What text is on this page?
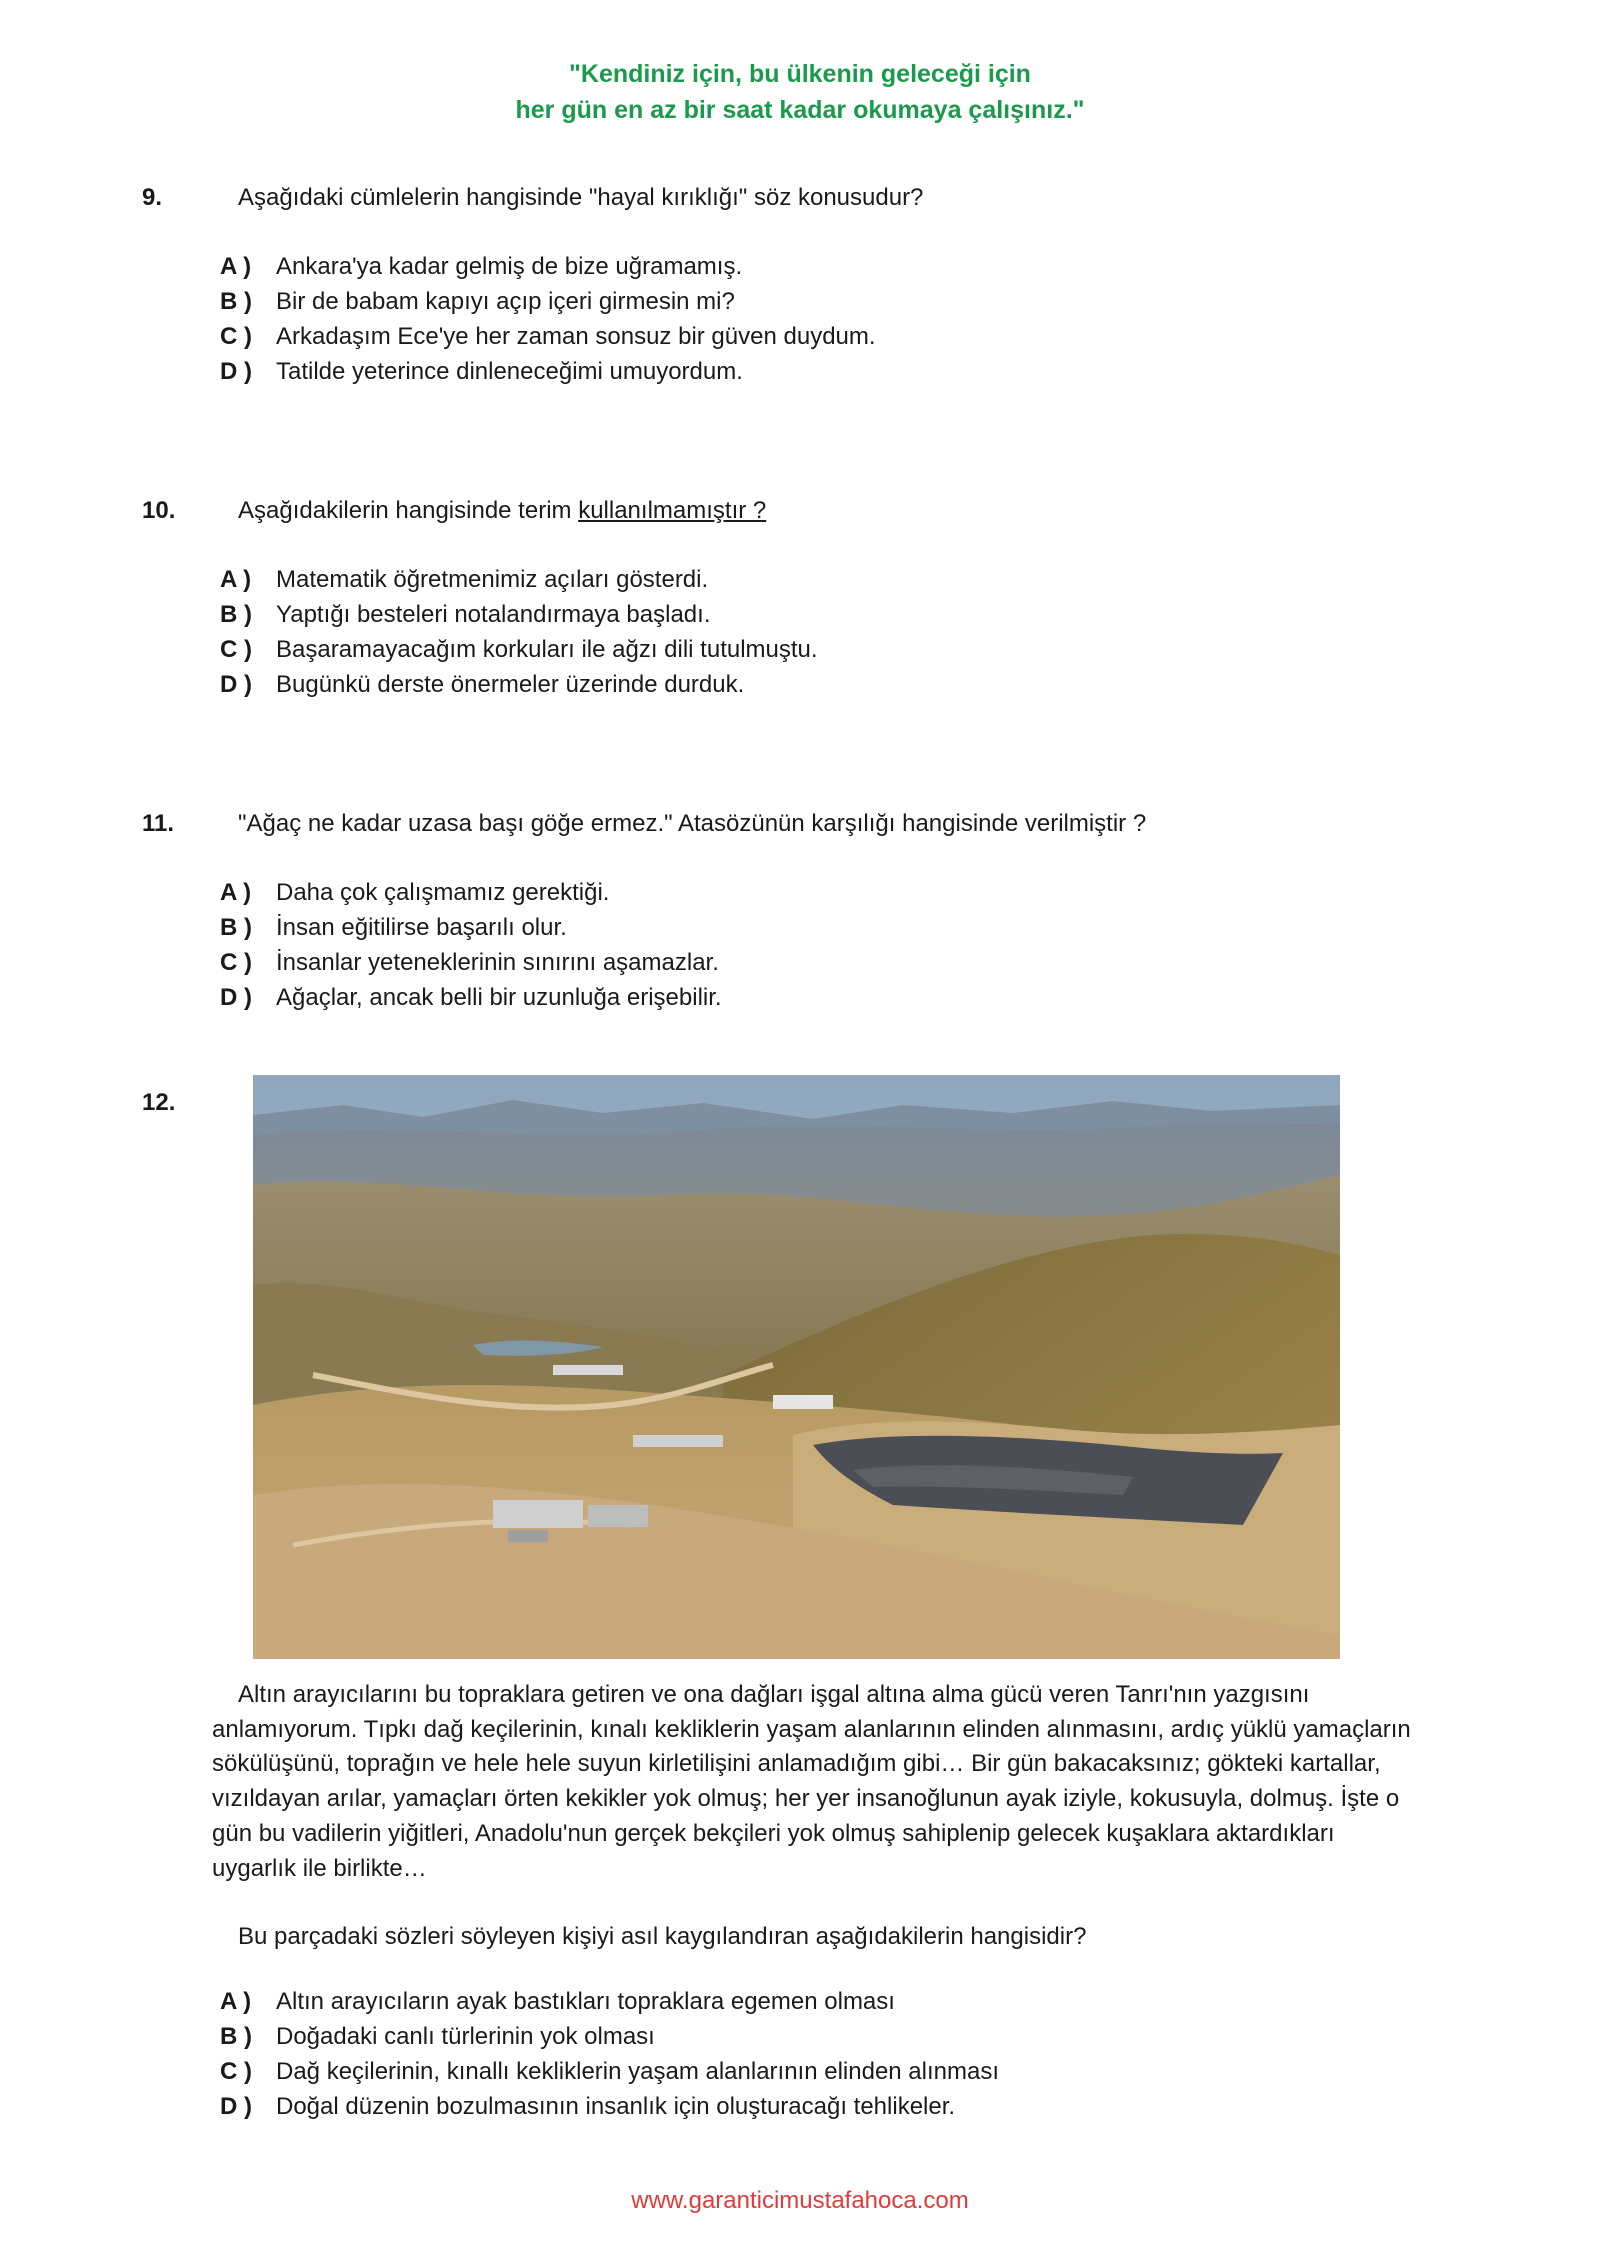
"Kendiniz için, bu ülkenin geleceği için
her gün en az bir saat kadar okumaya çalışınız."
9.	Aşağıdaki cümlelerin hangisinde "hayal kırıklığı" söz konusudur?
A )	Ankara'ya kadar gelmiş de bize uğramamış.
B )	Bir de babam kapıyı açıp içeri girmesin mi?
C )	Arkadaşım Ece'ye her zaman sonsuz bir güven duydum.
D )	Tatilde yeterince dinleneceğimi umuyordum.
10.	Aşağıdakilerin hangisinde terim kullanılmamıştır ?
A )	Matematik öğretmenimiz açıları gösterdi.
B )	Yaptığı besteleri notalandırmaya başladı.
C )	Başaramayacağım korkuları ile ağzı dili tutulmuştu.
D )	Bugünkü derste önermeler üzerinde durduk.
11.	"Ağaç ne kadar uzasa başı göğe ermez." Atasözünün karşılığı hangisinde verilmiştir ?
A )	Daha çok çalışmamız gerektiği.
B )	İnsan eğitilirse başarılı olur.
C )	İnsanlar yeteneklerinin sınırını aşamazlar.
D )	Ağaçlar, ancak belli bir uzunluğa erişebilir.
12.
Altın arayıcılarını bu topraklara getiren ve ona dağları işgal altına alma gücü veren Tanrı'nın yazgısını anlamıyorum. Tıpkı dağ keçilerinin, kınalı kekliklerin yaşam alanlarının elinden alınmasını, ardıç yüklü yamaçların sökülüşünü, toprağın ve hele hele suyun kirletilişini anlamadığım gibi… Bir gün bakacaksınız; gökteki kartallar, vızıldayan arılar, yamaçları örten kekikler yok olmuş; her yer insanoğlunun ayak iziyle, kokusuyla, dolmuş. İşte o gün bu vadilerin yiğitleri, Anadolu'nun gerçek bekçileri yok olmuş sahiplenip gelecek kuşaklara aktardıkları uygarlık ile birlikte…
Bu parçadaki sözleri söyleyen kişiyi asıl kaygılandıran aşağıdakilerin hangisidir?
A )	Altın arayıcıların ayak bastıkları topraklara egemen olması
B )	Doğadaki canlı türlerinin yok olması
C )	Dağ keçilerinin, kınallı kekliklerin yaşam alanlarının elinden alınması
D )	Doğal düzenin bozulmasının insanlık için oluşturacağı tehlikeler.
www.garanticimustafahoca.com
